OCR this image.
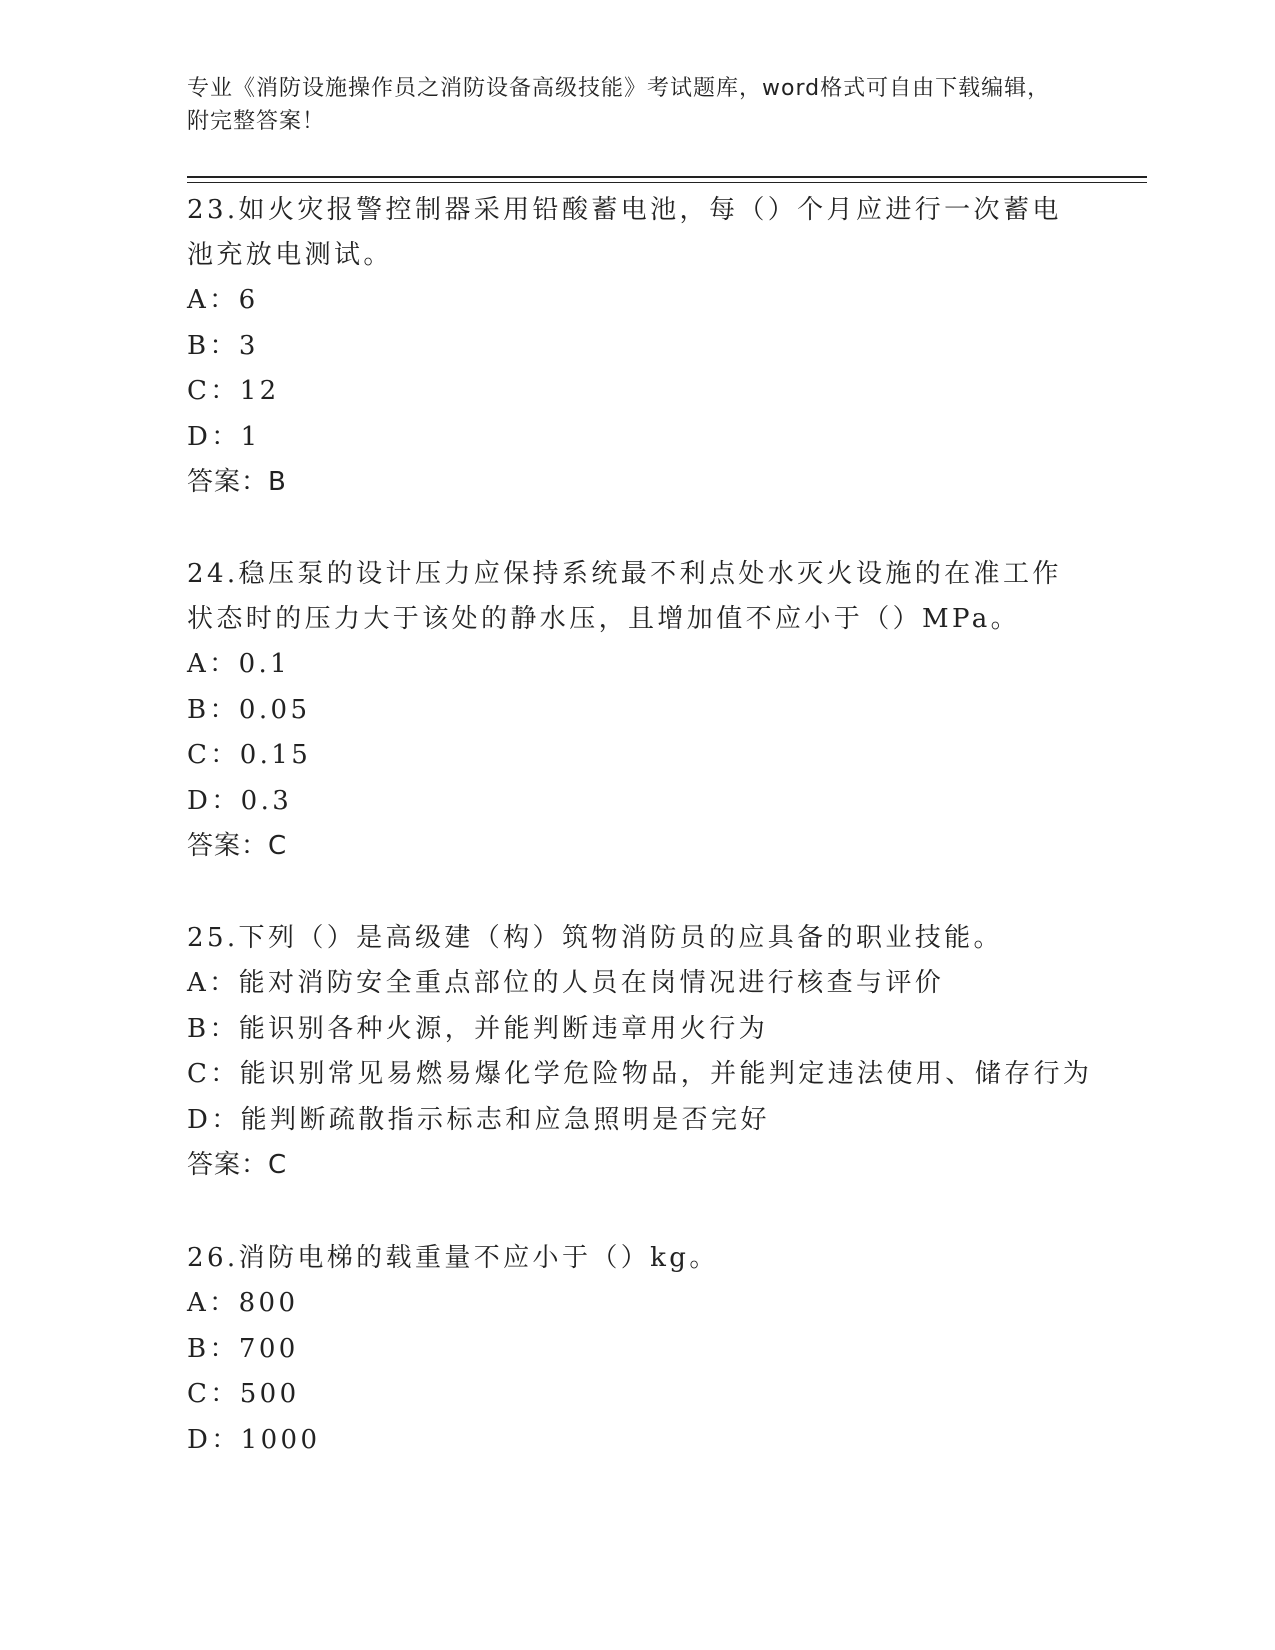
专业《消防设施操作员之消防设备高级技能》考试题库，word格式可自由下载编辑，附完整答案！

23.如火灾报警控制器采用铅酸蓄电池，每（）个月应进行一次蓄电池充放电测试。

A：6

B：3

C：12

D：1

答案：B

24.稳压泵的设计压力应保持系统最不利点处水灭火设施的在准工作状态时的压力大于该处的静水压，且增加值不应小于（）MPa。

A：0.1

B：0.05

C：0.15

D：0.3

答案：C

25.下列（）是高级建（构）筑物消防员的应具备的职业技能。

A：能对消防安全重点部位的人员在岗情况进行核查与评价

B：能识别各种火源，并能判断违章用火行为

C：能识别常见易燃易爆化学危险物品，并能判定违法使用、储存行为

D：能判断疏散指示标志和应急照明是否完好

答案：C

26.消防电梯的载重量不应小于（）kg。

A：800

B：700

C：500

D：1000
